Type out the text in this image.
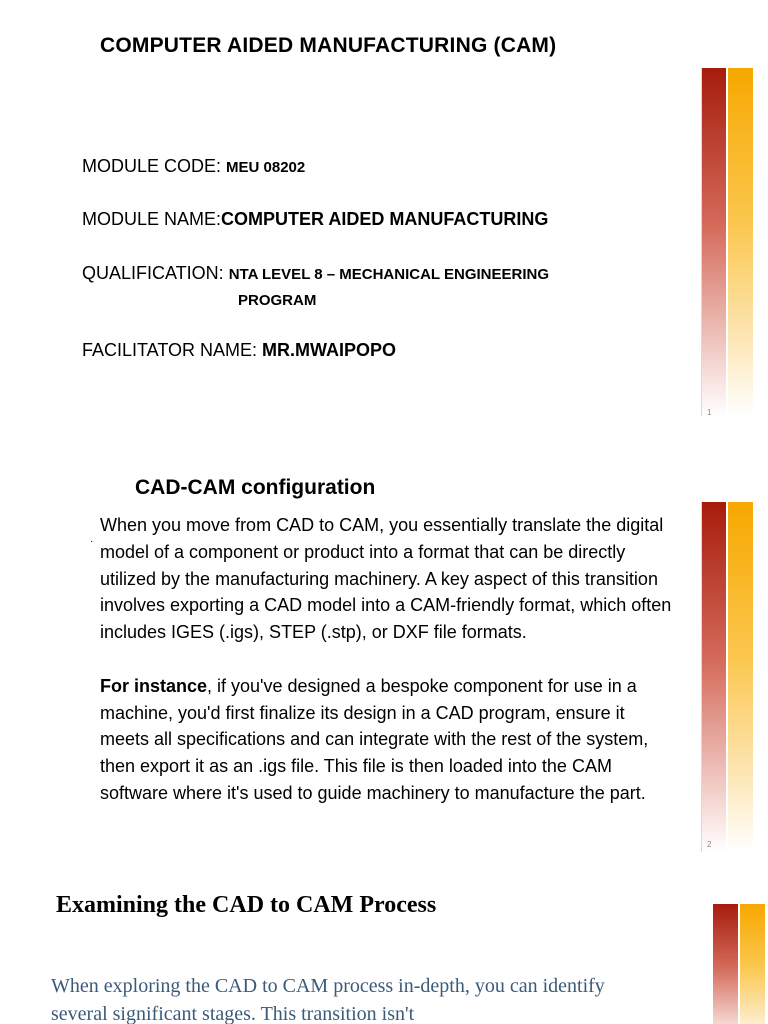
COMPUTER AIDED MANUFACTURING (CAM)
MODULE CODE: MEU 08202
MODULE NAME:COMPUTER AIDED MANUFACTURING
QUALIFICATION: NTA LEVEL 8 – MECHANICAL ENGINEERING
PROGRAM
FACILITATOR NAME: MR.MWAIPOPO
1
CAD-CAM configuration
·

When you move from CAD to CAM, you essentially translate the digital model of a component or product into a format that can be directly utilized by the manufacturing machinery. A key aspect of this transition involves exporting a CAD model into a CAM-friendly format, which often includes IGES (.igs), STEP (.stp), or DXF file formats.

For instance, if you've designed a bespoke component for use in a machine, you'd first finalize its design in a CAD program, ensure it meets all specifications and can integrate with the rest of the system, then export it as an .igs file. This file is then loaded into the CAM software where it's used to guide machinery to manufacture the part.

2
Examining the CAD to CAM Process
When exploring the CAD to CAM process in-depth, you can identify several significant stages. This transition isn't
